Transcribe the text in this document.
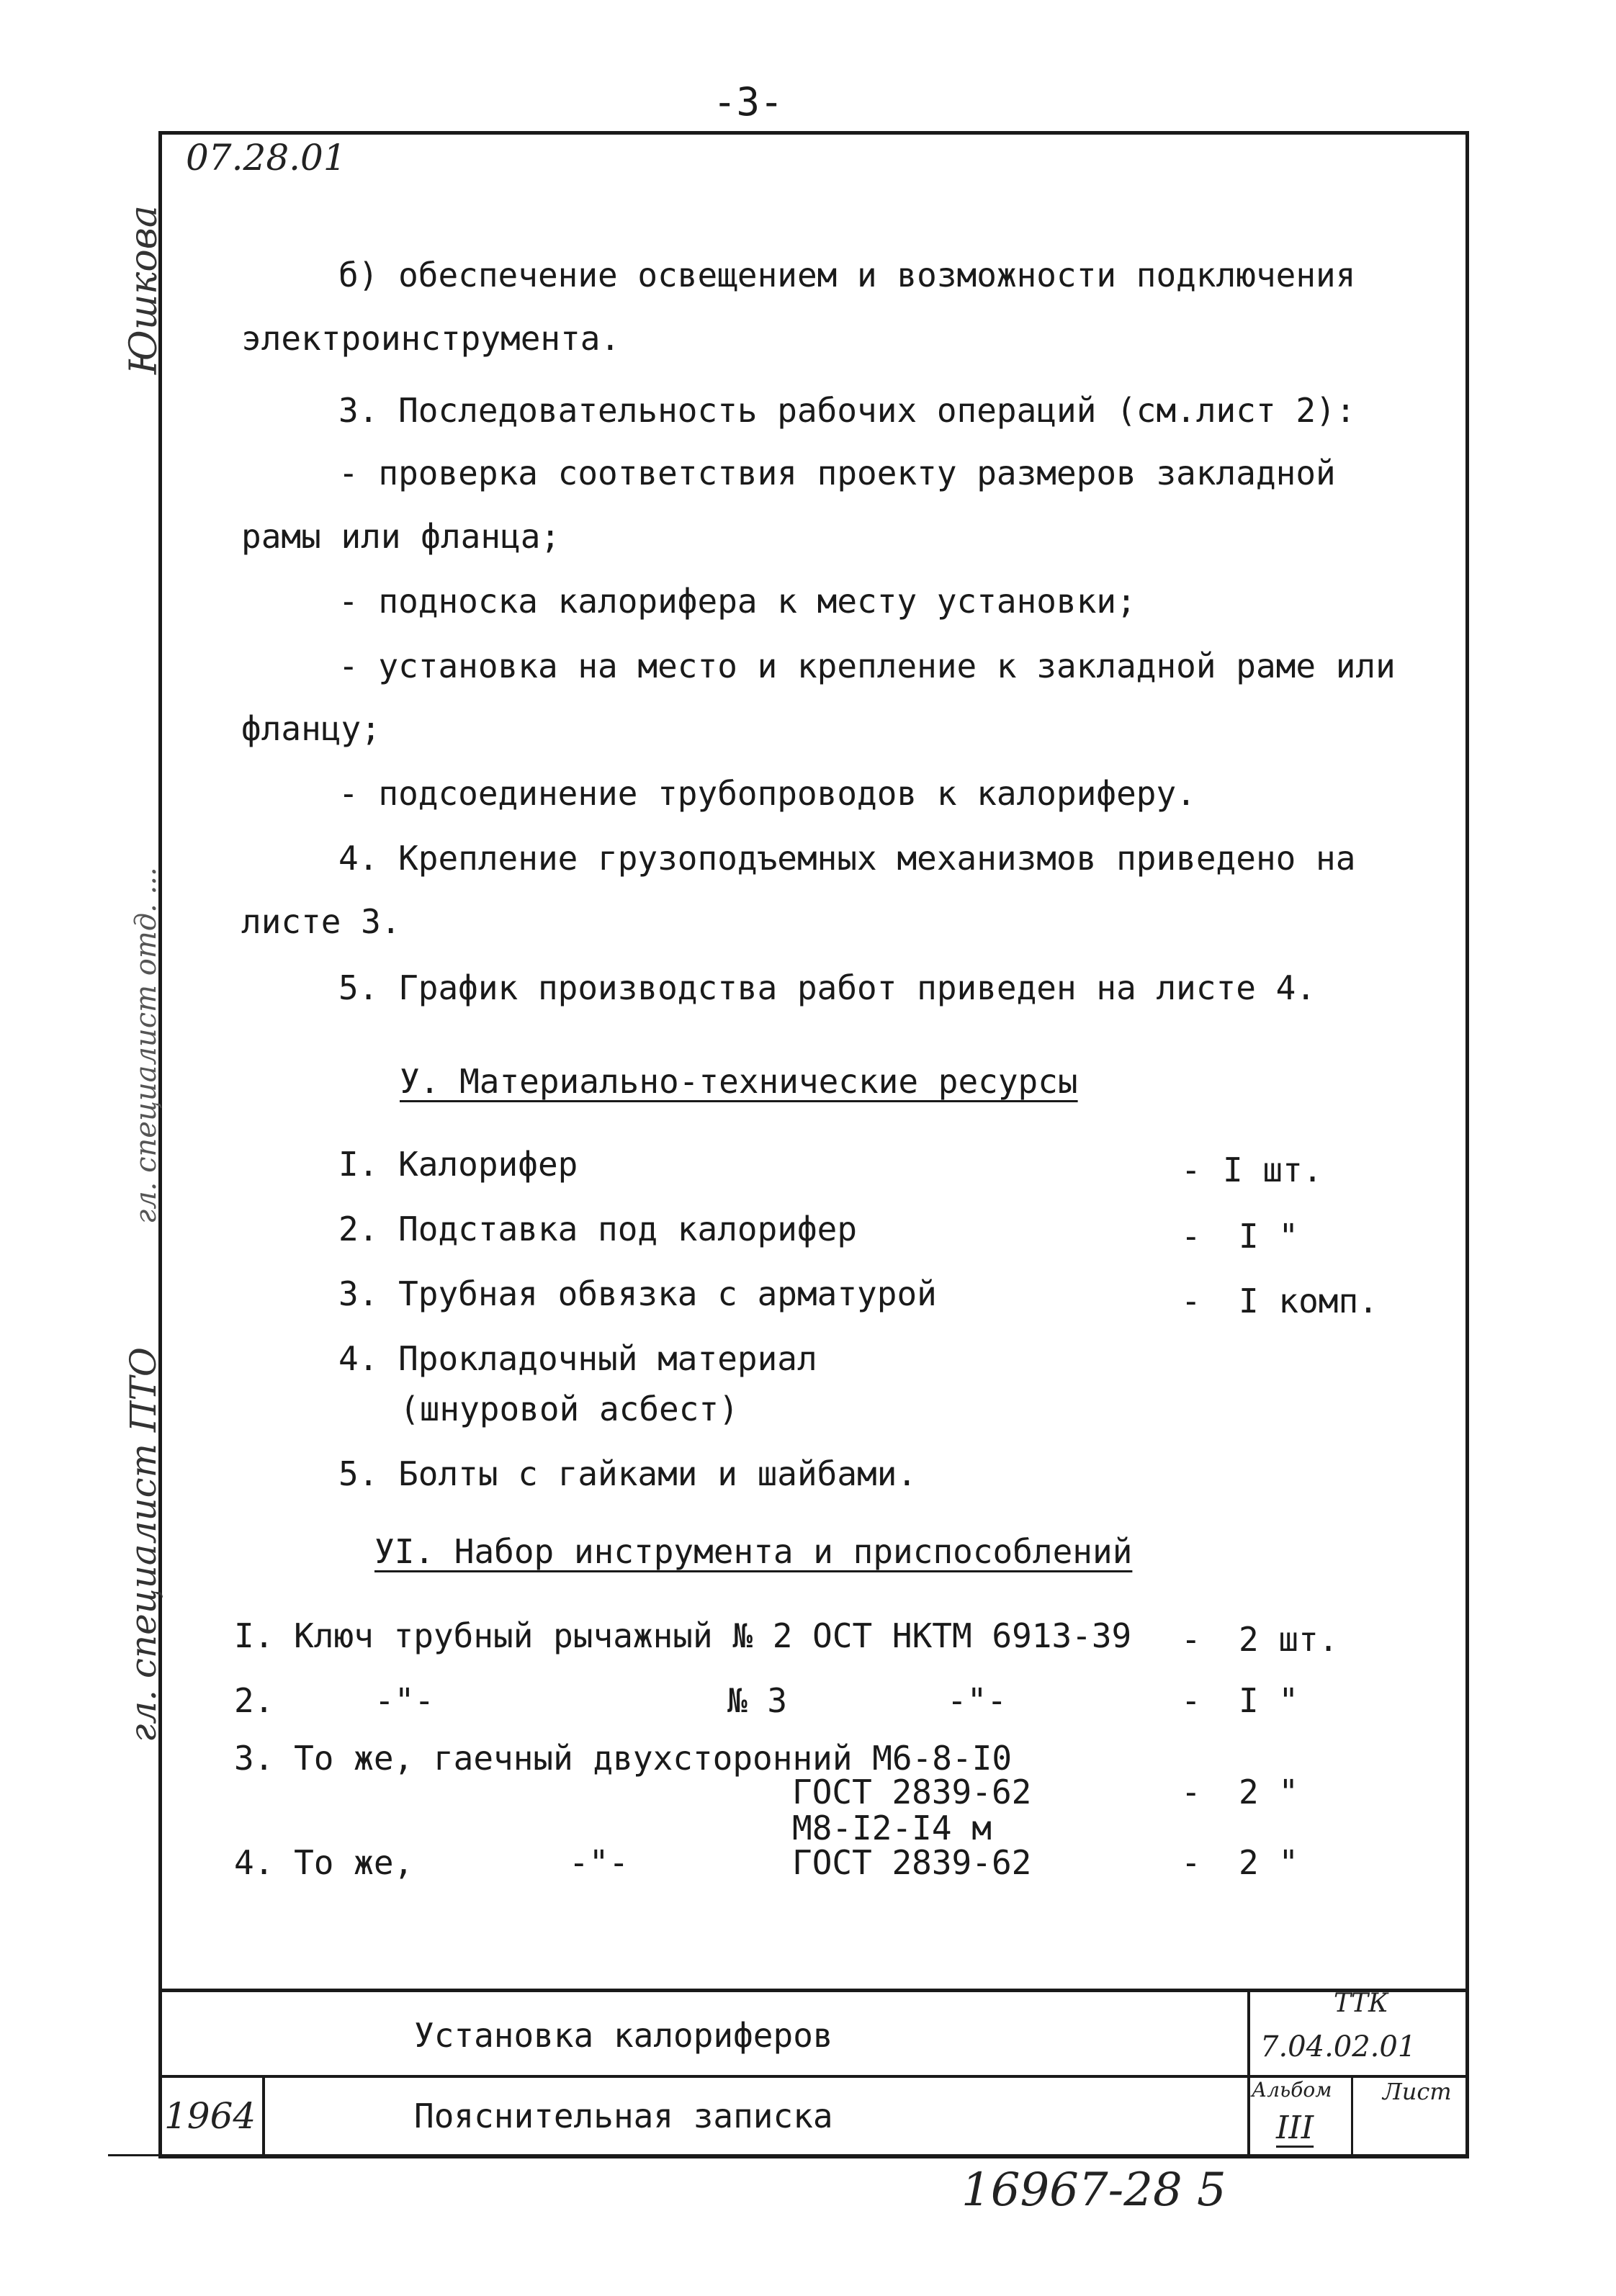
-3-
07.28.01
Юшкова
гл. специалист отд. ...
гл. специалист ПТО
б) обеспечение освещением и возможности подключения
электроинструмента.
3. Последовательность рабочих операций (см.лист 2):
- проверка соответствия проекту размеров закладной
рамы или фланца;
- подноска калорифера к месту установки;
- установка на место и крепление к закладной раме или
фланцу;
- подсоединение трубопроводов к калориферу.
4. Крепление грузоподъемных механизмов приведено на
листе 3.
5. График производства работ приведен на листе 4.
У. Материально-технические ресурсы
I. Калорифер	- I шт.
2. Подставка под калорифер	- I "
3. Трубная обвязка с арматурой	- I комп.
4. Прокладочный материал
(шнуровой асбест)
5. Болты с гайками и шайбами.
УI. Набор инструмента и приспособлений
I. Ключ трубный рычажный № 2 ОСТ НКТМ 6913-39 - 2 шт.
2.	-"-	№ 3	-"-	- I "
3. То же, гаечный двухсторонний М6-8-I0
ГОСТ 2839-62	- 2 "
М8-I2-I4 м
4. То же,	-"-	ГОСТ 2839-62	- 2 "
Установка калориферов
Пояснительная записка
1964
ТТК
7.04.02.01
Альбом Лист
III
16967-28 5
